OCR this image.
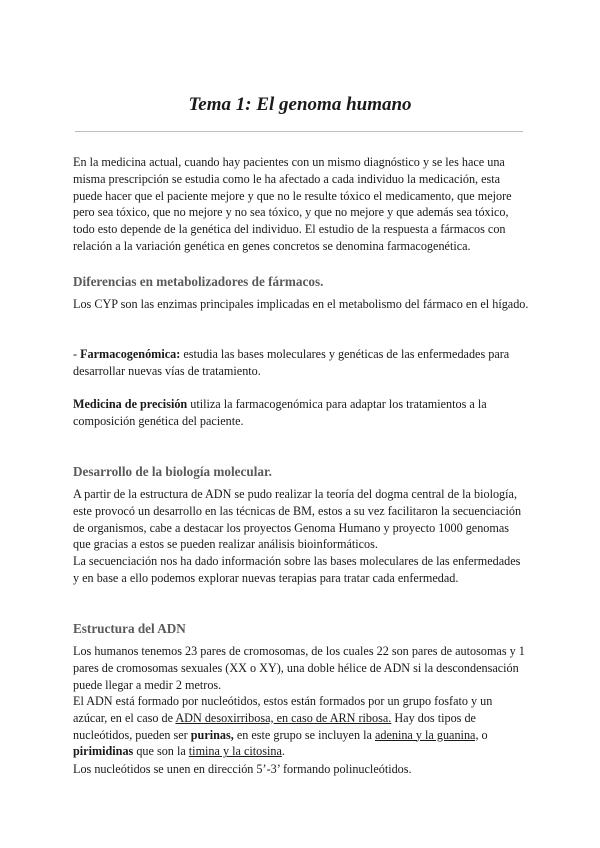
Tema 1: El genoma humano

En la medicina actual, cuando hay pacientes con un mismo diagnóstico y se les hace una misma prescripción se estudia como le ha afectado a cada individuo la medicación, esta puede hacer que el paciente mejore y que no le resulte tóxico el medicamento, que mejore pero sea tóxico, que no mejore y no sea tóxico, y que no mejore y que además sea tóxico, todo esto depende de la genética del individuo. El estudio de la respuesta a fármacos con relación a la variación genética en genes concretos se denomina farmacogenética.

Diferencias en metabolizadores de fármacos.

Los CYP son las enzimas principales implicadas en el metabolismo del fármaco en el hígado.

- Farmacogenómica: estudia las bases moleculares y genéticas de las enfermedades para desarrollar nuevas vías de tratamiento.

Medicina de precisión utiliza la farmacogenómica para adaptar los tratamientos a la composición genética del paciente.

Desarrollo de la biología molecular.

A partir de la estructura de ADN se pudo realizar la teoría del dogma central de la biología, este provocó un desarrollo en las técnicas de BM, estos a su vez facilitaron la secuenciación de organismos, cabe a destacar los proyectos Genoma Humano y proyecto 1000 genomas que gracias a estos se pueden realizar análisis bioinformáticos.

La secuenciación nos ha dado información sobre las bases moleculares de las enfermedades y en base a ello podemos explorar nuevas terapias para tratar cada enfermedad.

Estructura del ADN

Los humanos tenemos 23 pares de cromosomas, de los cuales 22 son pares de autosomas y 1 pares de cromosomas sexuales (XX o XY), una doble hélice de ADN si la descondensación puede llegar a medir 2 metros.

El ADN está formado por nucleótidos, estos están formados por un grupo fosfato y un azúcar, en el caso de ADN desoxirribosa, en caso de ARN ribosa. Hay dos tipos de nucleótidos, pueden ser purinas, en este grupo se incluyen la adenina y la guanina, o pirimidinas que son la timina y la citosina.

Los nucleótidos se unen en dirección 5’-3’ formando polinucleótidos.
